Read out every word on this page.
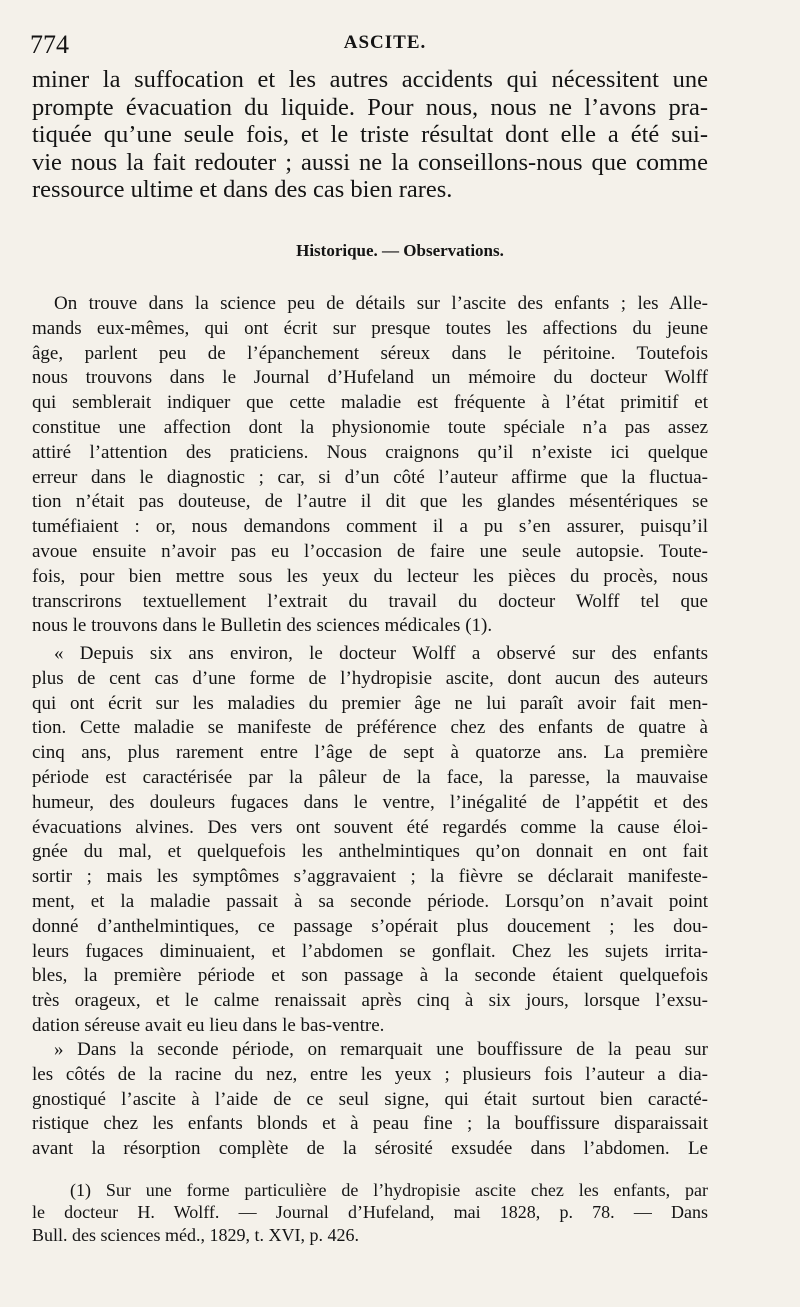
774	ASCITE.
miner la suffocation et les autres accidents qui nécessitent une
prompte évacuation du liquide. Pour nous, nous ne l’avons pra-
tiquée qu’une seule fois, et le triste résultat dont elle a été sui-
vie nous la fait redouter ; aussi ne la conseillons-nous que comme
ressource ultime et dans des cas bien rares.
Historique. — Observations.
On trouve dans la science peu de détails sur l’ascite des enfants ; les Alle-
mands eux-mêmes, qui ont écrit sur presque toutes les affections du jeune
âge, parlent peu de l’épanchement séreux dans le péritoine. Toutefois
nous trouvons dans le Journal d’Hufeland un mémoire du docteur Wolff
qui semblerait indiquer que cette maladie est fréquente à l’état primitif et
constitue une affection dont la physionomie toute spéciale n’a pas assez
attiré l’attention des praticiens. Nous craignons qu’il n’existe ici quelque
erreur dans le diagnostic ; car, si d’un côté l’auteur affirme que la fluctua-
tion n’était pas douteuse, de l’autre il dit que les glandes mésentériques se
tuméfiaient : or, nous demandons comment il a pu s’en assurer, puisqu’il
avoue ensuite n’avoir pas eu l’occasion de faire une seule autopsie. Toute-
fois, pour bien mettre sous les yeux du lecteur les pièces du procès, nous
transcrirons textuellement l’extrait du travail du docteur Wolff tel que
nous le trouvons dans le Bulletin des sciences médicales (1).
« Depuis six ans environ, le docteur Wolff a observé sur des enfants
plus de cent cas d’une forme de l’hydropisie ascite, dont aucun des auteurs
qui ont écrit sur les maladies du premier âge ne lui paraît avoir fait men-
tion. Cette maladie se manifeste de préférence chez des enfants de quatre à
cinq ans, plus rarement entre l’âge de sept à quatorze ans. La première
période est caractérisée par la pâleur de la face, la paresse, la mauvaise
humeur, des douleurs fugaces dans le ventre, l’inégalité de l’appétit et des
évacuations alvines. Des vers ont souvent été regardés comme la cause éloi-
gnée du mal, et quelquefois les anthelmintiques qu’on donnait en ont fait
sortir ; mais les symptômes s’aggravaient ; la fièvre se déclarait manifeste-
ment, et la maladie passait à sa seconde période. Lorsqu’on n’avait point
donné d’anthelmintiques, ce passage s’opérait plus doucement ; les dou-
leurs fugaces diminuaient, et l’abdomen se gonflait. Chez les sujets irrita-
bles, la première période et son passage à la seconde étaient quelquefois
très orageux, et le calme renaissait après cinq à six jours, lorsque l’exsu-
dation séreuse avait eu lieu dans le bas-ventre.
» Dans la seconde période, on remarquait une bouffissure de la peau sur
les côtés de la racine du nez, entre les yeux ; plusieurs fois l’auteur a dia-
gnostiqué l’ascite à l’aide de ce seul signe, qui était surtout bien caracté-
ristique chez les enfants blonds et à peau fine ; la bouffissure disparaissait
avant la résorption complète de la sérosité exsudée dans l’abdomen. Le
(1) Sur une forme particulière de l’hydropisie ascite chez les enfants, par
le docteur H. Wolff. — Journal d’Hufeland, mai 1828, p. 78. — Dans
Bull. des sciences méd., 1829, t. XVI, p. 426.
